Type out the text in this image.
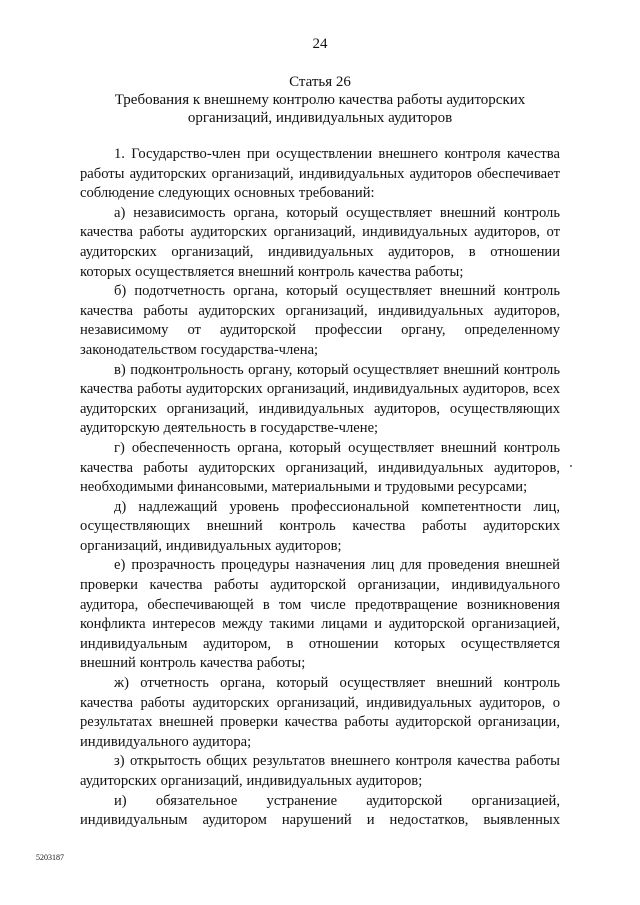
24
Статья 26
Требования к внешнему контролю качества работы аудиторских
организаций, индивидуальных аудиторов

1. Государство-член при осуществлении внешнего контроля качества работы аудиторских организаций, индивидуальных аудиторов обеспечивает соблюдение следующих основных требований:

а) независимость органа, который осуществляет внешний контроль качества работы аудиторских организаций, индивидуальных аудиторов, от аудиторских организаций, индивидуальных аудиторов, в отношении которых осуществляется внешний контроль качества работы;

б) подотчетность органа, который осуществляет внешний контроль качества работы аудиторских организаций, индивидуальных аудиторов, независимому от аудиторской профессии органу, определенному законодательством государства-члена;

в) подконтрольность органу, который осуществляет внешний контроль качества работы аудиторских организаций, индивидуальных аудиторов, всех аудиторских организаций, индивидуальных аудиторов, осуществляющих аудиторскую деятельность в государстве-члене;

г) обеспеченность органа, который осуществляет внешний контроль качества работы аудиторских организаций, индивидуальных аудиторов, необходимыми финансовыми, материальными и трудовыми ресурсами;

д) надлежащий уровень профессиональной компетентности лиц, осуществляющих внешний контроль качества работы аудиторских организаций, индивидуальных аудиторов;

е) прозрачность процедуры назначения лиц для проведения внешней проверки качества работы аудиторской организации, индивидуального аудитора, обеспечивающей в том числе предотвращение возникновения конфликта интересов между такими лицами и аудиторской организацией, индивидуальным аудитором, в отношении которых осуществляется внешний контроль качества работы;

ж) отчетность органа, который осуществляет внешний контроль качества работы аудиторских организаций, индивидуальных аудиторов, о результатах внешней проверки качества работы аудиторской организации, индивидуального аудитора;

з) открытость общих результатов внешнего контроля качества работы аудиторских организаций, индивидуальных аудиторов;

и) обязательное устранение аудиторской организацией, индивидуальным аудитором нарушений и недостатков, выявленных

5203187
